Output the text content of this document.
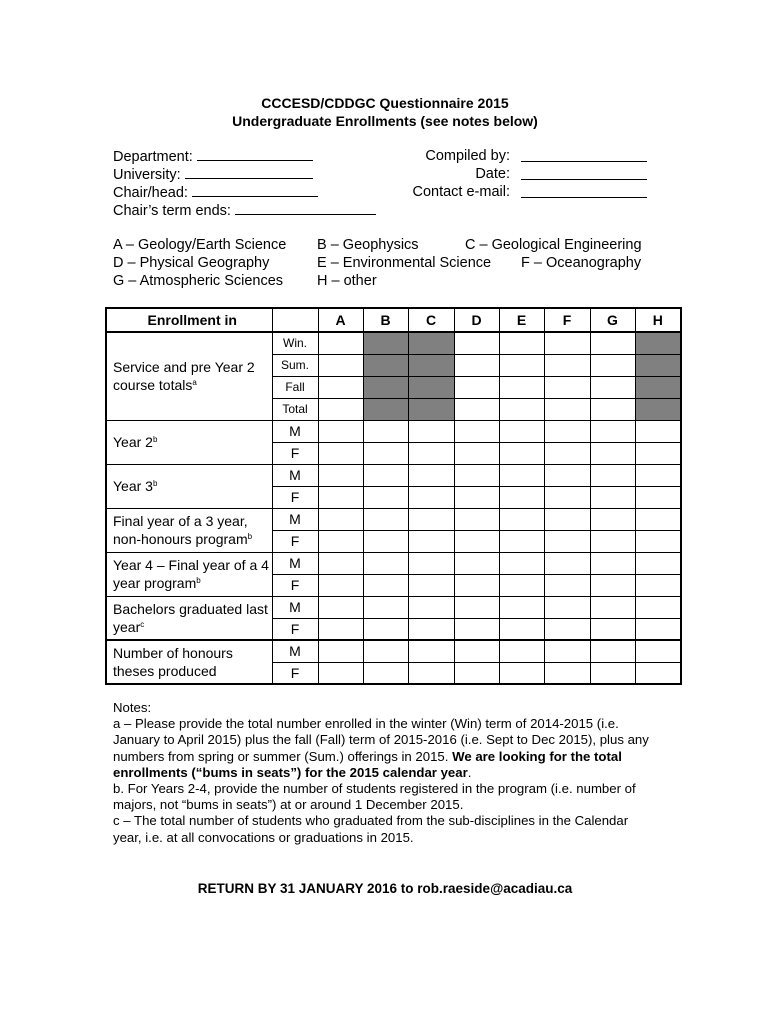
CCCESD/CDDGC Questionnaire 2015
Undergraduate Enrollments (see notes below)
Department:
University:
Chair/head:
Chair’s term ends:
Compiled by:
Date:
Contact e-mail:
A – Geology/Earth Science B – Geophysics	C – Geological Engineering
D – Physical Geography	E – Environmental Science F – Oceanography
G – Atmospheric Sciences H – other
Enrollment in		A	B	C	D	E	F	G	H
Service and pre Year 2 course totals$^a$	Win.								
	Sum.								
	Fall								
	Total								
Year 2$^b$	M								
	F								
Year 3$^b$	M								
	F								
Final year of a 3 year, non-honours program$^b$	M								
	F								
Year 4 – Final year of a 4 year program$^b$	M								
	F								
Bachelors graduated last year$^c$	M								
	F								
Number of honours theses produced	M								
	F								

Notes:

a – Please provide the total number enrolled in the winter (Win) term of 2014-2015 (i.e. January to April 2015) plus the fall (Fall) term of 2015-2016 (i.e. Sept to Dec 2015), plus any numbers from spring or summer (Sum.) offerings in 2015. We are looking for the total enrollments (“bums in seats”) for the 2015 calendar year.

b. For Years 2-4, provide the number of students registered in the program (i.e. number of majors, not “bums in seats”) at or around 1 December 2015.

c – The total number of students who graduated from the sub-disciplines in the Calendar year, i.e. at all convocations or graduations in 2015.

RETURN BY 31 JANUARY 2016 to rob.raeside@acadiau.ca
